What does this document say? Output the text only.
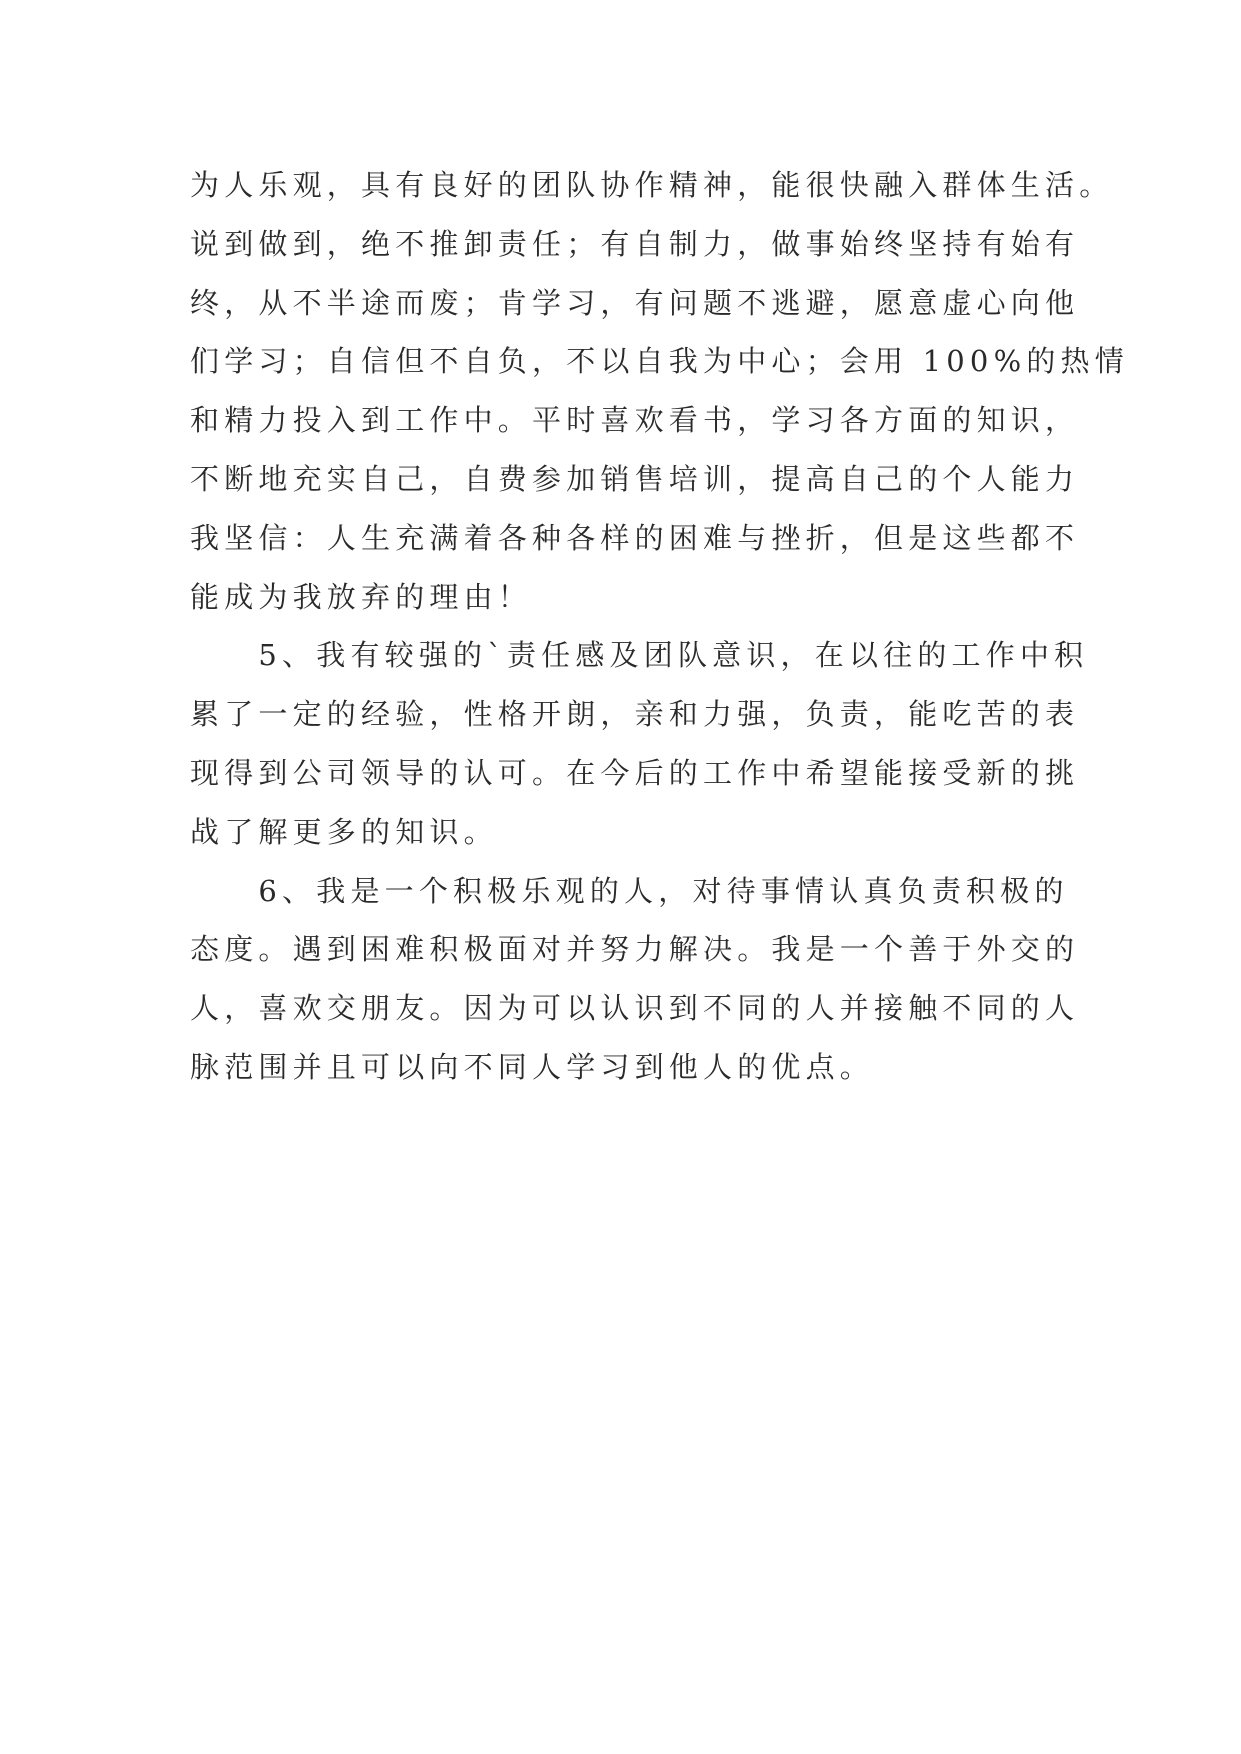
为人乐观，具有良好的团队协作精神，能很快融入群体生活。
说到做到，绝不推卸责任；有自制力，做事始终坚持有始有
终，从不半途而废；肯学习，有问题不逃避，愿意虚心向他
们学习；自信但不自负，不以自我为中心；会用 100%的热情
和精力投入到工作中。平时喜欢看书，学习各方面的知识，
不断地充实自己，自费参加销售培训，提高自己的个人能力
我坚信：人生充满着各种各样的困难与挫折，但是这些都不
能成为我放弃的理由！
　　5、我有较强的`责任感及团队意识，在以往的工作中积
累了一定的经验，性格开朗，亲和力强，负责，能吃苦的表
现得到公司领导的认可。在今后的工作中希望能接受新的挑
战了解更多的知识。
　　6、我是一个积极乐观的人，对待事情认真负责积极的
态度。遇到困难积极面对并努力解决。我是一个善于外交的
人，喜欢交朋友。因为可以认识到不同的人并接触不同的人
脉范围并且可以向不同人学习到他人的优点。
